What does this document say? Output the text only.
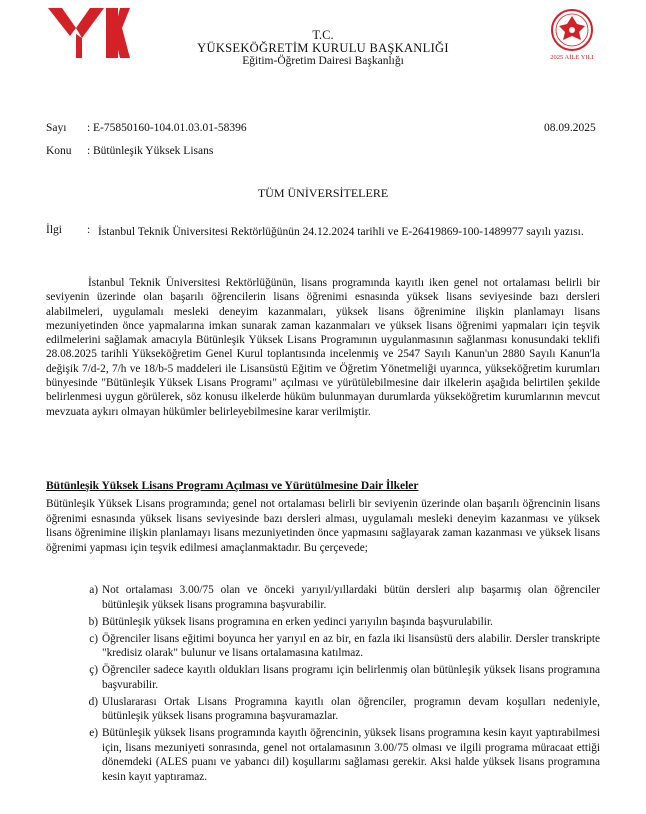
2025 AİLE YILI
T.C.
YÜKSEKÖĞRETİM KURULU BAŞKANLIĞI
Eğitim-Öğretim Dairesi Başkanlığı
Sayı : E-75850160-104.01.03.01-58396	08.09.2025
Konu : Bütünleşik Yüksek Lisans
TÜM ÜNİVERSİTELERE
İlgi : İstanbul Teknik Üniversitesi Rektörlüğünün 24.12.2024 tarihli ve E-26419869-100-1489977 sayılı yazısı.

İstanbul Teknik Üniversitesi Rektörlüğünün, lisans programında kayıtlı iken genel not ortalaması belirli bir seviyenin üzerinde olan başarılı öğrencilerin lisans öğrenimi esnasında yüksek lisans seviyesinde bazı dersleri alabilmeleri, uygulamalı mesleki deneyim kazanmaları, yüksek lisans öğrenimine ilişkin planlamayı lisans mezuniyetinden önce yapmalarına imkan sunarak zaman kazanmaları ve yüksek lisans öğrenimi yapmaları için teşvik edilmelerini sağlamak amacıyla Bütünleşik Yüksek Lisans Programının uygulanmasının sağlanması konusundaki teklifi 28.08.2025 tarihli Yükseköğretim Genel Kurul toplantısında incelenmiş ve 2547 Sayılı Kanun'un 2880 Sayılı Kanun'la değişik 7/d-2, 7/h ve 18/b-5 maddeleri ile Lisansüstü Eğitim ve Öğretim Yönetmeliği uyarınca, yükseköğretim kurumları bünyesinde "Bütünleşik Yüksek Lisans Programı" açılması ve yürütülebilmesine dair ilkelerin aşağıda belirtilen şekilde belirlenmesi uygun görülerek, söz konusu ilkelerde hüküm bulunmayan durumlarda yükseköğretim kurumlarının mevcut mevzuata aykırı olmayan hükümler belirleyebilmesine karar verilmiştir.

Bütünleşik Yüksek Lisans Programı Açılması ve Yürütülmesine Dair İlkeler

Bütünleşik Yüksek Lisans programında; genel not ortalaması belirli bir seviyenin üzerinde olan başarılı öğrencinin lisans öğrenimi esnasında yüksek lisans seviyesinde bazı dersleri alması, uygulamalı mesleki deneyim kazanması ve yüksek lisans öğrenimine ilişkin planlamayı lisans mezuniyetinden önce yapmasını sağlayarak zaman kazanması ve yüksek lisans öğrenimi yapması için teşvik edilmesi amaçlanmaktadır. Bu çerçevede;

a) Not ortalaması 3.00/75 olan ve önceki yarıyıl/yıllardaki bütün dersleri alıp başarmış olan öğrenciler bütünleşik yüksek lisans programına başvurabilir.
b) Bütünleşik yüksek lisans programına en erken yedinci yarıyılın başında başvurulabilir.
c) Öğrenciler lisans eğitimi boyunca her yarıyıl en az bir, en fazla iki lisansüstü ders alabilir. Dersler transkripte "kredisiz olarak" bulunur ve lisans ortalamasına katılmaz.
ç) Öğrenciler sadece kayıtlı oldukları lisans programı için belirlenmiş olan bütünleşik yüksek lisans programına başvurabilir.
d) Uluslararası Ortak Lisans Programına kayıtlı olan öğrenciler, programın devam koşulları nedeniyle, bütünleşik yüksek lisans programına başvuramazlar.
e) Bütünleşik yüksek lisans programında kayıtlı öğrencinin, yüksek lisans programına kesin kayıt yaptırabilmesi için, lisans mezuniyeti sonrasında, genel not ortalamasının 3.00/75 olması ve ilgili programa müracaat ettiği dönemdeki (ALES puanı ve yabancı dil) koşullarını sağlaması gerekir. Aksi halde yüksek lisans programına kesin kayıt yaptıramaz.
